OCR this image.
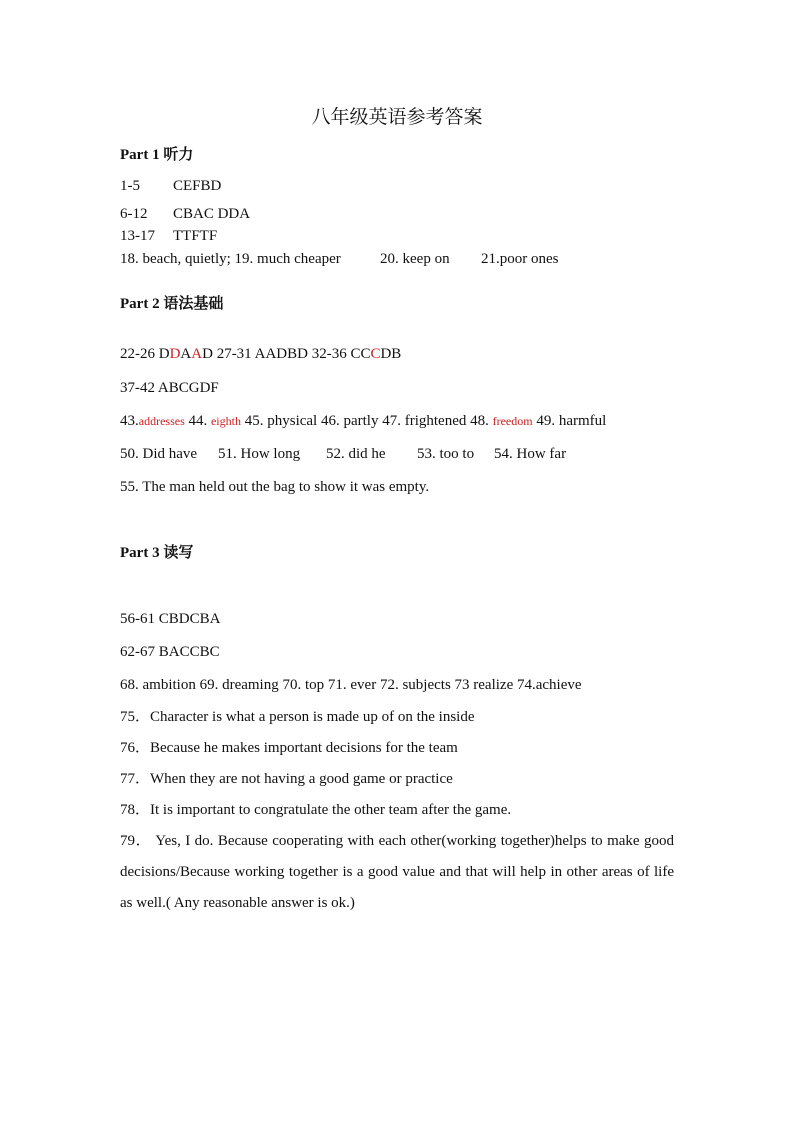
八年级英语参考答案
Part 1 听力
1-5 CEFBD
6-12 CBAC DDA
13-17 TTFTF
18. beach, quietly; 19. much cheaper	20. keep on 21.poor ones
Part 2 语法基础
22-26 DDAAD 27-31 AADBD 32-36 CCCDB
37-42 ABCGDF
43.addresses 44. eighth 45. physical 46. partly 47. frightened 48. freedom 49. harmful
50. Did have 51. How long 52. did he 53. too to 54. How far
55. The man held out the bag to show it was empty.
Part 3 读写
56-61 CBDCBA
62-67 BACCBC
68. ambition 69. dreaming 70. top 71. ever 72. subjects 73 realize 74.achieve
75．Character is what a person is made up of on the inside
76．Because he makes important decisions for the team
77．When they are not having a good game or practice
78．It is important to congratulate the other team after the game.
79． Yes, I do. Because cooperating with each other(working together)helps to make good decisions/Because working together is a good value and that will help in other areas of life as well.( Any reasonable answer is ok.)
